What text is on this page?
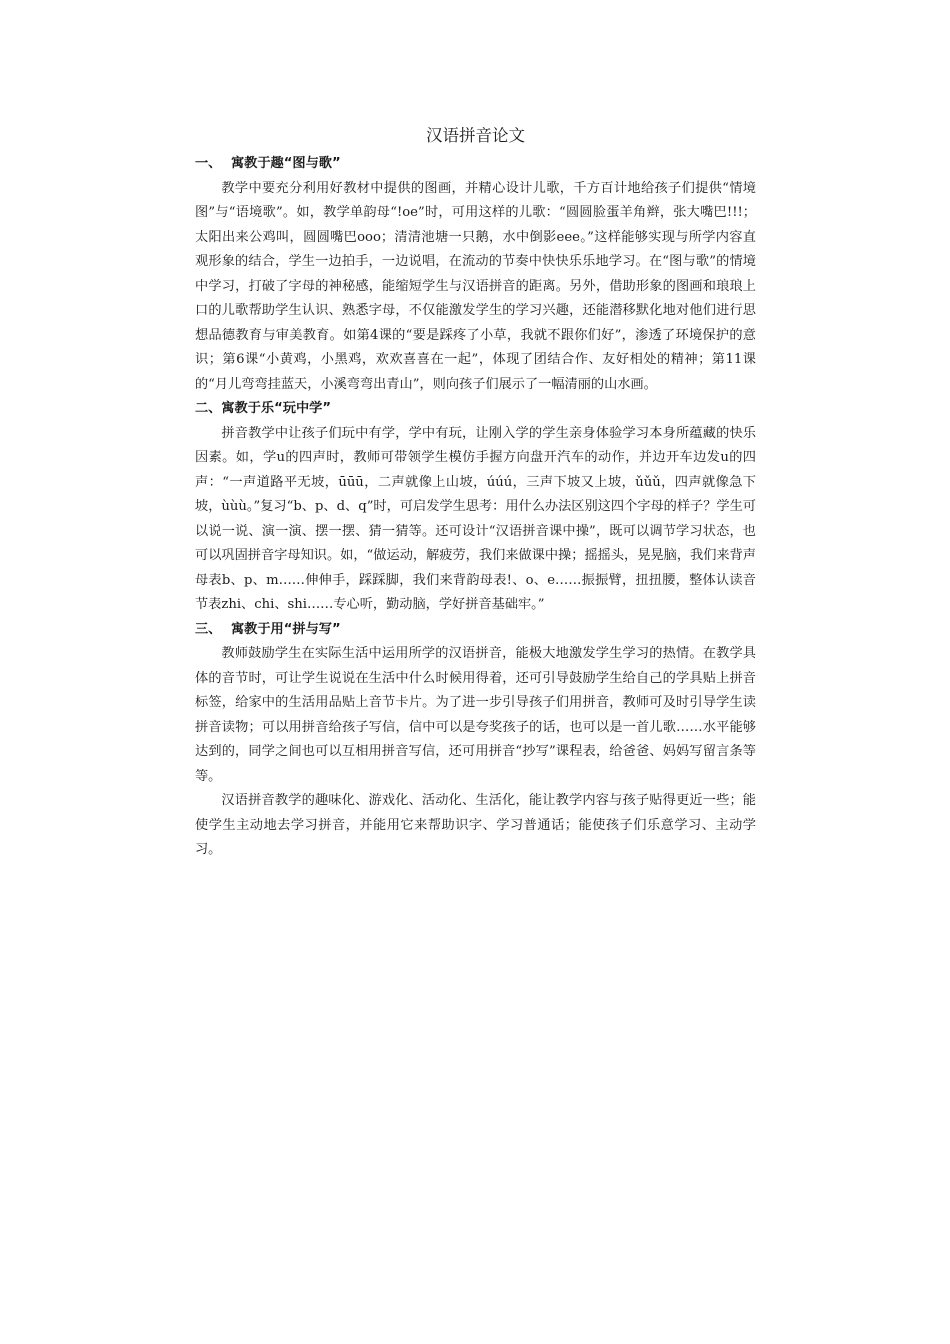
汉语拼音论文
一、 寓教于趣“图与歌”

教学中要充分利用好教材中提供的图画，并精心设计儿歌，千方百计地给孩子们提供“情境图”与“语境歌”。如，教学单韵母“!oe”时，可用这样的儿歌：“圆圆脸蛋羊角辫，张大嘴巴!!!；太阳出来公鸡叫，圆圆嘴巴ooo；清清池塘一只鹅，水中倒影eee。”这样能够实现与所学内容直观形象的结合，学生一边拍手，一边说唱，在流动的节奏中快快乐乐地学习。在“图与歌”的情境中学习，打破了字母的神秘感，能缩短学生与汉语拼音的距离。另外，借助形象的图画和琅琅上口的儿歌帮助学生认识、熟悉字母，不仅能激发学生的学习兴趣，还能潜移默化地对他们进行思想品德教育与审美教育。如第4课的“要是踩疼了小草，我就不跟你们好”，渗透了环境保护的意识；第6课“小黄鸡，小黑鸡，欢欢喜喜在一起”，体现了团结合作、友好相处的精神；第11课的“月儿弯弯挂蓝天，小溪弯弯出青山”，则向孩子们展示了一幅清丽的山水画。

二、寓教于乐“玩中学”

拼音教学中让孩子们玩中有学，学中有玩，让刚入学的学生亲身体验学习本身所蕴藏的快乐因素。如，学u的四声时，教师可带领学生模仿手握方向盘开汽车的动作，并边开车边发u的四声：“一声道路平无坡，ūūū，二声就像上山坡，úúú，三声下坡又上坡，ǔǔǔ，四声就像急下坡，ùùù。”复习“b、p、d、q”时，可启发学生思考：用什么办法区别这四个字母的样子？学生可以说一说、演一演、摆一摆、猜一猜等。还可设计“汉语拼音课中操”，既可以调节学习状态，也可以巩固拼音字母知识。如，“做运动，解疲劳，我们来做课中操；摇摇头，晃晃脑，我们来背声母表b、p、m……伸伸手，踩踩脚，我们来背韵母表!、o、e……振振臂，扭扭腰，整体认读音节表zhi、chi、shi……专心听，勤动脑，学好拼音基础牢。”

三、 寓教于用“拼与写”

教师鼓励学生在实际生活中运用所学的汉语拼音，能极大地激发学生学习的热情。在教学具体的音节时，可让学生说说在生活中什么时候用得着，还可引导鼓励学生给自己的学具贴上拼音标签，给家中的生活用品贴上音节卡片。为了进一步引导孩子们用拼音，教师可及时引导学生读拼音读物；可以用拼音给孩子写信，信中可以是夸奖孩子的话，也可以是一首儿歌……水平能够达到的，同学之间也可以互相用拼音写信，还可用拼音“抄写”课程表，给爸爸、妈妈写留言条等等。

汉语拼音教学的趣味化、游戏化、活动化、生活化，能让教学内容与孩子贴得更近一些；能使学生主动地去学习拼音，并能用它来帮助识字、学习普通话；能使孩子们乐意学习、主动学习。
